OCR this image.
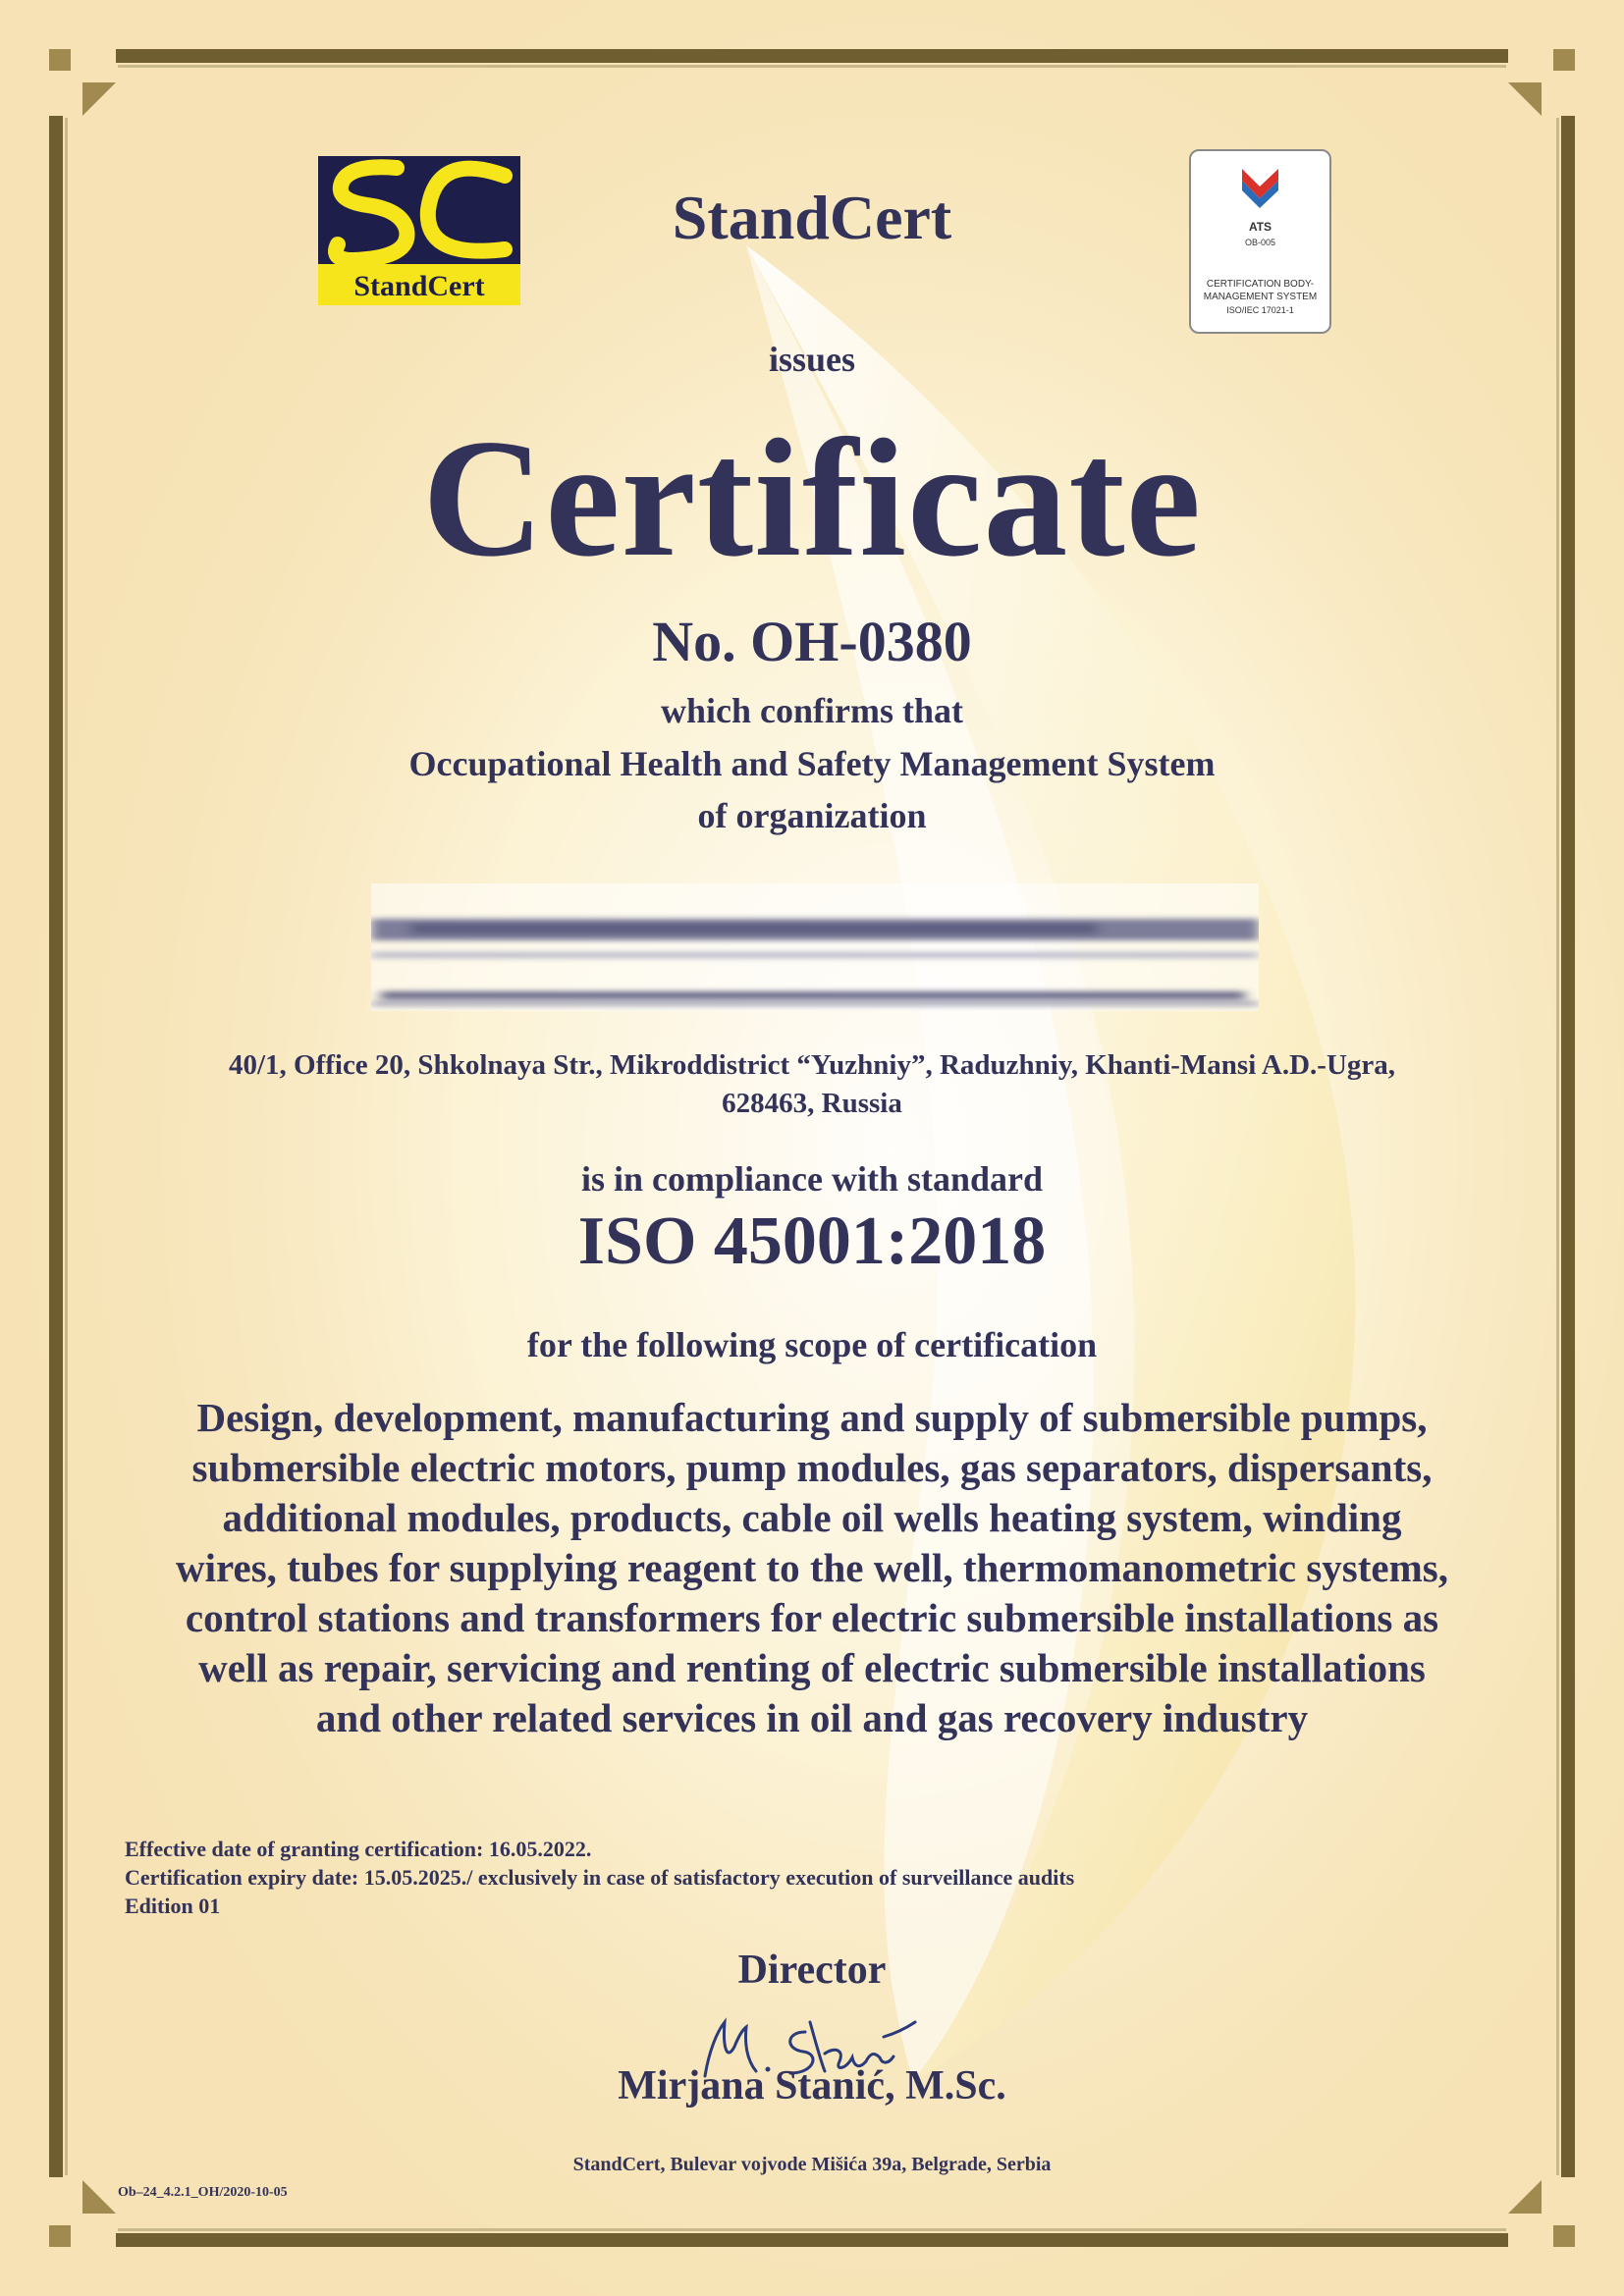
StandCert
ATS
OB-005
CERTIFICATION BODY-
MANAGEMENT SYSTEM
ISO/IEC 17021-1
StandCert
issues
Certificate
No. OH-0380
which confirms that
Occupational Health and Safety Management System
of organization
40/1, Office 20, Shkolnaya Str., Mikroddistrict “Yuzhniy”, Raduzhniy, Khanti-Mansi A.D.-Ugra,
628463, Russia
is in compliance with standard
ISO 45001:2018
for the following scope of certification
Design, development, manufacturing and supply of submersible pumps,
submersible electric motors, pump modules, gas separators, dispersants,
additional modules, products, cable oil wells heating system, winding
wires, tubes for supplying reagent to the well, thermomanometric systems,
control stations and transformers for electric submersible installations as
well as repair, servicing and renting of electric submersible installations
and other related services in oil and gas recovery industry
Effective date of granting certification: 16.05.2022.
Certification expiry date: 15.05.2025./ exclusively in case of satisfactory execution of surveillance audits
Edition 01
Director
Mirjana Stanić, M.Sc.
StandCert, Bulevar vojvode Mišića 39a, Belgrade, Serbia
Ob–24_4.2.1_OH/2020-10-05
